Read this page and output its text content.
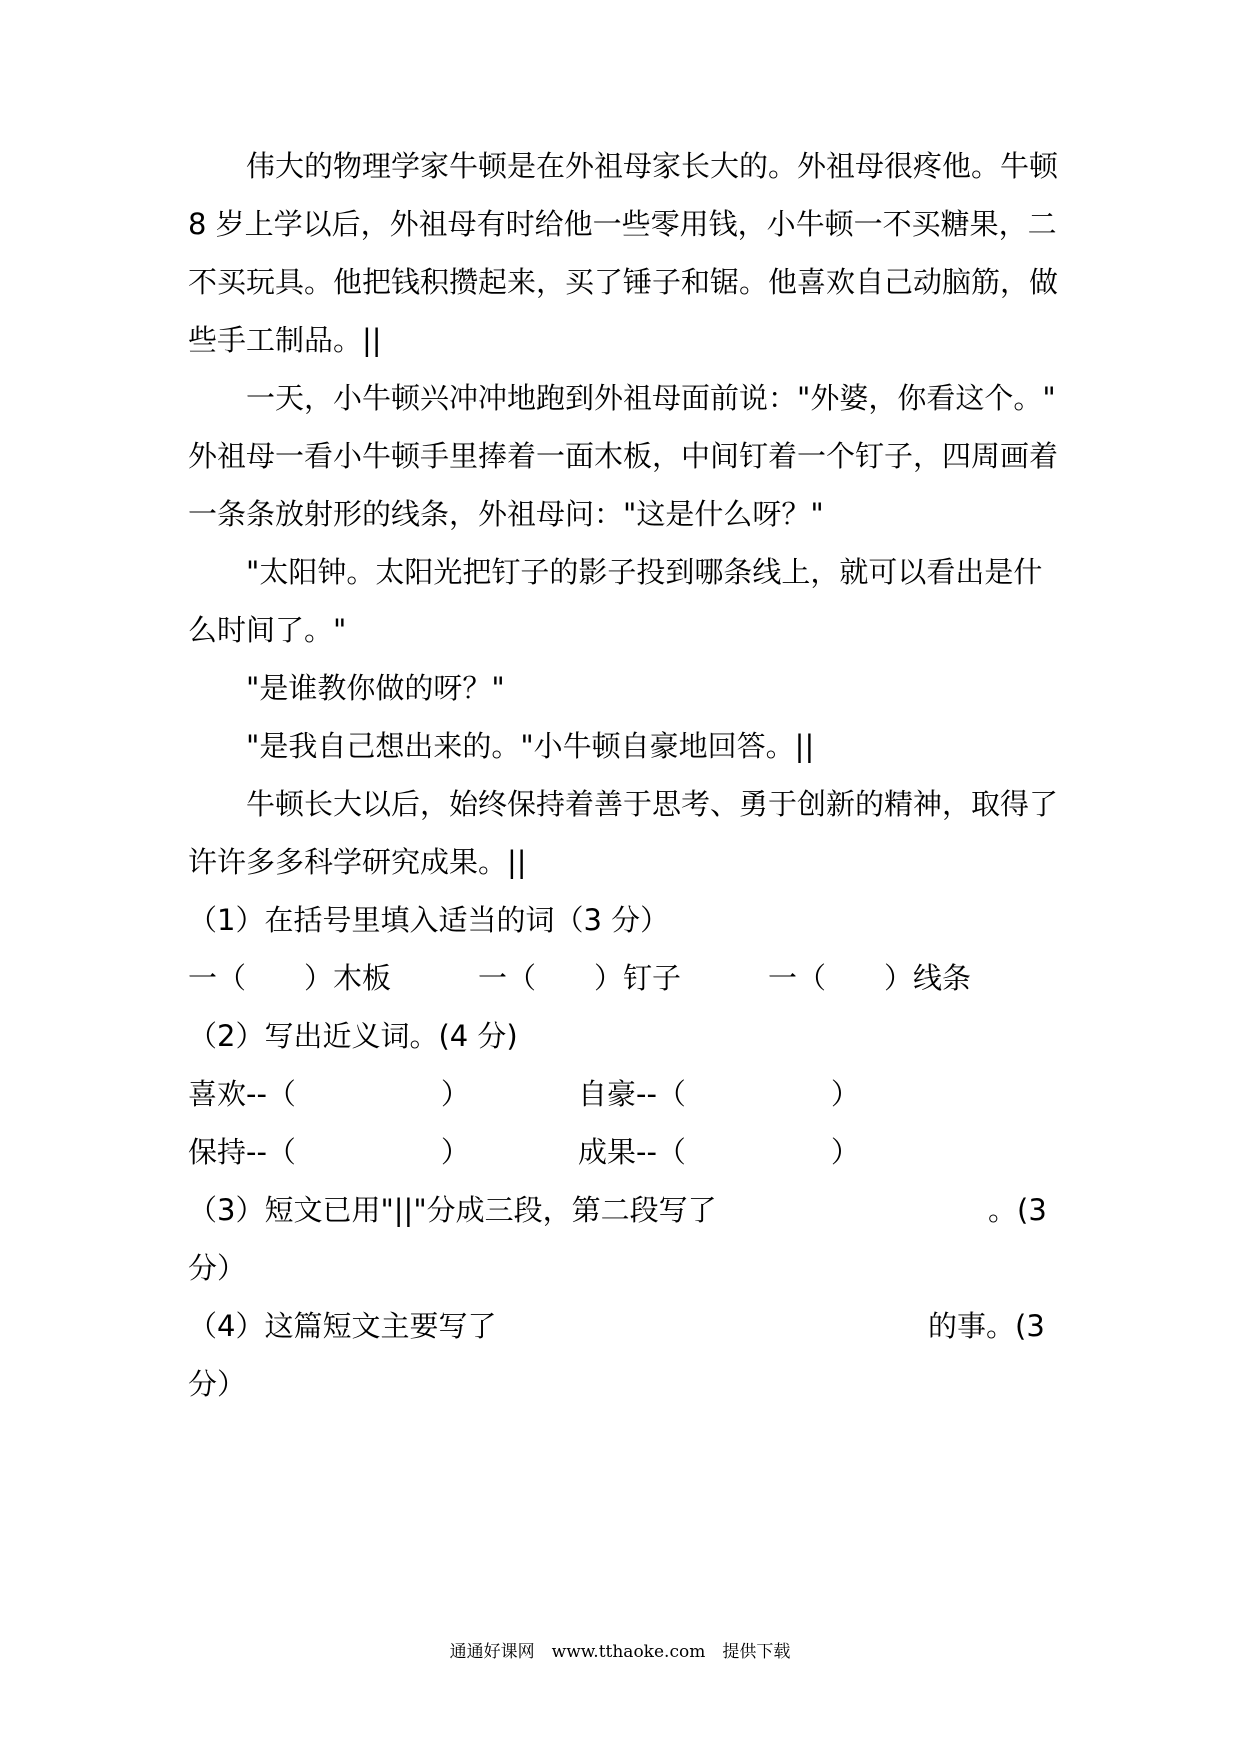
伟大的物理学家牛顿是在外祖母家长大的。外祖母很疼他。牛顿
8 岁上学以后，外祖母有时给他一些零用钱，小牛顿一不买糖果，二
不买玩具。他把钱积攒起来，买了锤子和锯。他喜欢自己动脑筋，做
些手工制品。||
一天，小牛顿兴冲冲地跑到外祖母面前说："外婆，你看这个。"
外祖母一看小牛顿手里捧着一面木板，中间钉着一个钉子，四周画着
一条条放射形的线条，外祖母问："这是什么呀？"
"太阳钟。太阳光把钉子的影子投到哪条线上，就可以看出是什
么时间了。"
"是谁教你做的呀？"
"是我自己想出来的。"小牛顿自豪地回答。||
牛顿长大以后，始终保持着善于思考、勇于创新的精神，取得了
许许多多科学研究成果。||
（1）在括号里填入适当的词（3 分）
一（　　）木板	一（　　）钉子	一（　　）线条
（2）写出近义词。(4 分)
喜欢--（　　　　　）	自豪--（　　　　　）
保持--（　　　　　）	成果--（　　　　　）
（3）短文已用"||"分成三段，第二段写了	。(3
分）
（4）这篇短文主要写了	的事。(3
分）
通通好课网　www.tthaoke.com　提供下载
